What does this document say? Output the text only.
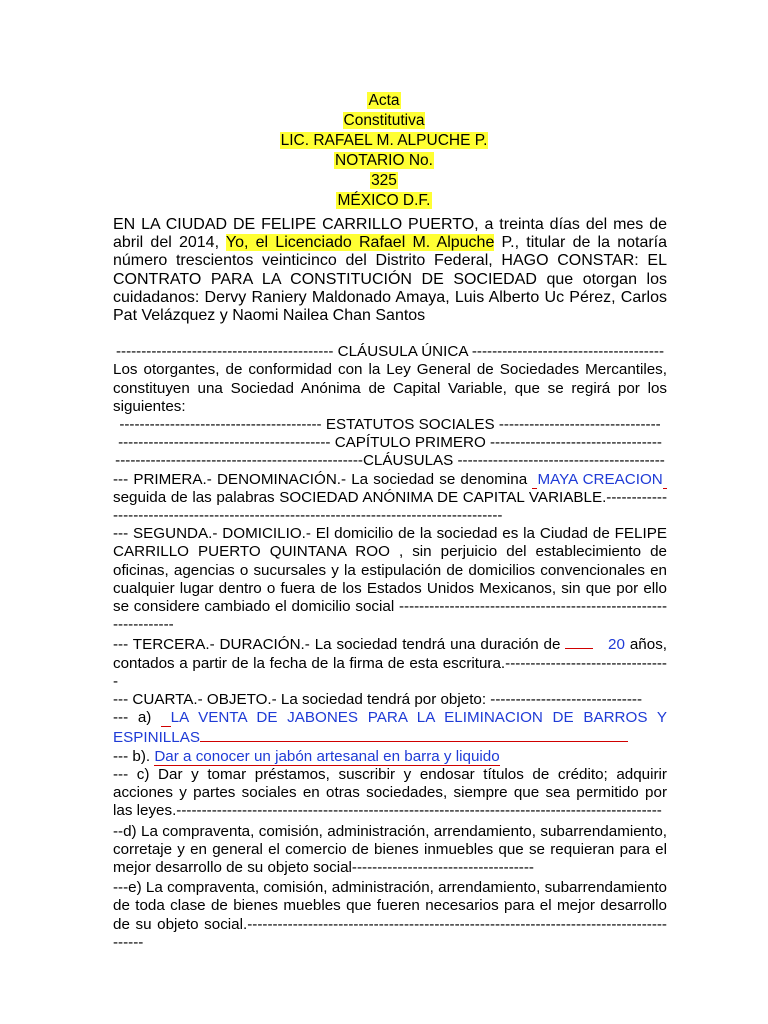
Acta
Constitutiva
LIC. RAFAEL M. ALPUCHE P.
NOTARIO No.
325
MÉXICO D.F.

EN LA CIUDAD DE FELIPE CARRILLO PUERTO, a treinta días del mes de abril del 2014, Yo, el Licenciado Rafael M. Alpuche P., titular de la notaría número trescientos veinticinco del Distrito Federal, HAGO CONSTAR: EL CONTRATO PARA LA CONSTITUCIÓN DE SOCIEDAD que otorgan los cuidadanos: Dervy Raniery Maldonado Amaya, Luis Alberto Uc Pérez, Carlos Pat Velázquez y Naomi Nailea Chan Santos

------------------------------------------- CLÁUSULA ÚNICA --------------------------------------

Los otorgantes, de conformidad con la Ley General de Sociedades Mercantiles, constituyen una Sociedad Anónima de Capital Variable, que se regirá por los siguientes:

---------------------------------------- ESTATUTOS SOCIALES --------------------------------

------------------------------------------ CAPÍTULO PRIMERO ----------------------------------

-------------------------------------------------CLÁUSULAS -----------------------------------------

--- PRIMERA.- DENOMINACIÓN.- La sociedad se denomina  MAYA CREACION  seguida de las palabras SOCIEDAD ANÓNIMA DE CAPITAL VARIABLE.-----------------------------------------------------------------------------------------

--- SEGUNDA.- DOMICILIO.- El domicilio de la sociedad es la Ciudad de FELIPE CARRILLO PUERTO QUINTANA ROO , sin perjuicio del establecimiento de oficinas, agencias o sucursales y la estipulación de domicilios convencionales en cualquier lugar dentro o fuera de los Estados Unidos Mexicanos, sin que por ello se considere cambiado el domicilio social -----------------------------------------------------------------

--- TERCERA.- DURACIÓN.- La sociedad tendrá una duración de	20 años, contados a partir de la fecha de la firma de esta escritura.---------------------------------

--- CUARTA.- OBJETO.- La sociedad tendrá por objeto: ------------------------------

--- a)  LA VENTA DE JABONES PARA LA ELIMINACION DE BARROS Y ESPINILLAS

--- b). Dar a conocer un jabón artesanal en barra y liquido

--- c) Dar y tomar préstamos, suscribir y endosar títulos de crédito; adquirir acciones y partes sociales en otras sociedades, siempre que sea permitido por las leyes.------------------------------------------------------------------------------------------------

--d) La compraventa, comisión, administración, arrendamiento, subarrendamiento, corretaje y en general el comercio de bienes inmuebles que se requieran para el mejor desarrollo de su objeto social------------------------------------

---e) La compraventa, comisión, administración, arrendamiento, subarrendamiento de toda clase de bienes muebles que fueren necesarios para el mejor desarrollo de su objeto social.-----------------------------------------------------------------------------------------
